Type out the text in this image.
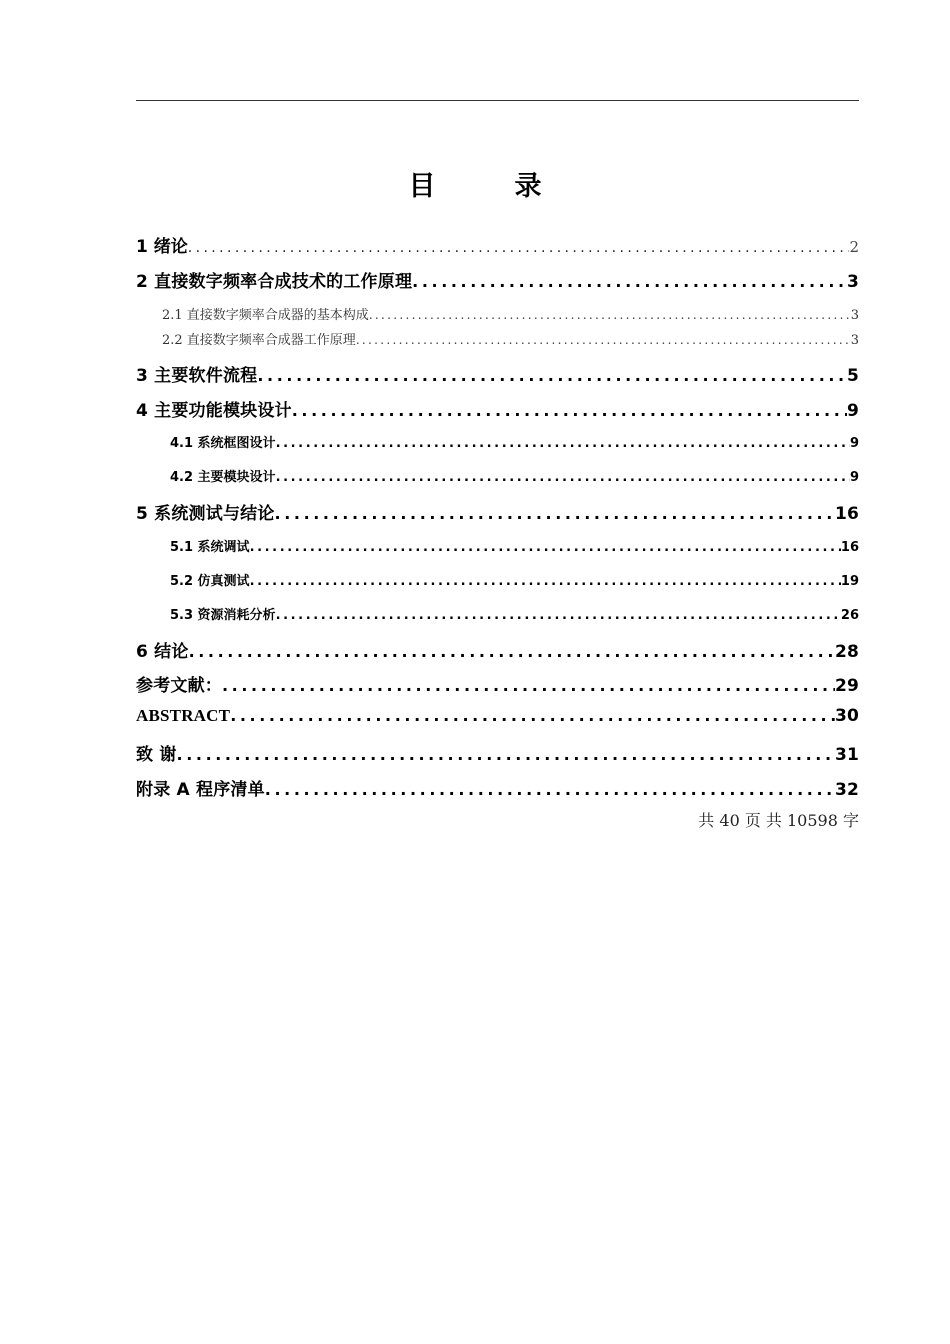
目　录
1 绪论 .....	2
2 直接数字频率合成技术的工作原理 .....	3
2.1 直接数字频率合成器的基本构成 .....	3
2.2 直接数字频率合成器工作原理 .....	3
3 主要软件流程 .....	5
4 主要功能模块设计 .....	9
4.1 系统框图设计 .....	9
4.2 主要模块设计 .....	9
5 系统测试与结论 .....	16
5.1 系统调试 .....	16
5.2 仿真测试 .....	19
5.3 资源消耗分析 .....	26
6 结论 .....	28
参考文献： .....	29
ABSTRACT .....	30
致 谢 .....	31
附录 A 程序清单 .....	32
共 40 页 共 10598 字
